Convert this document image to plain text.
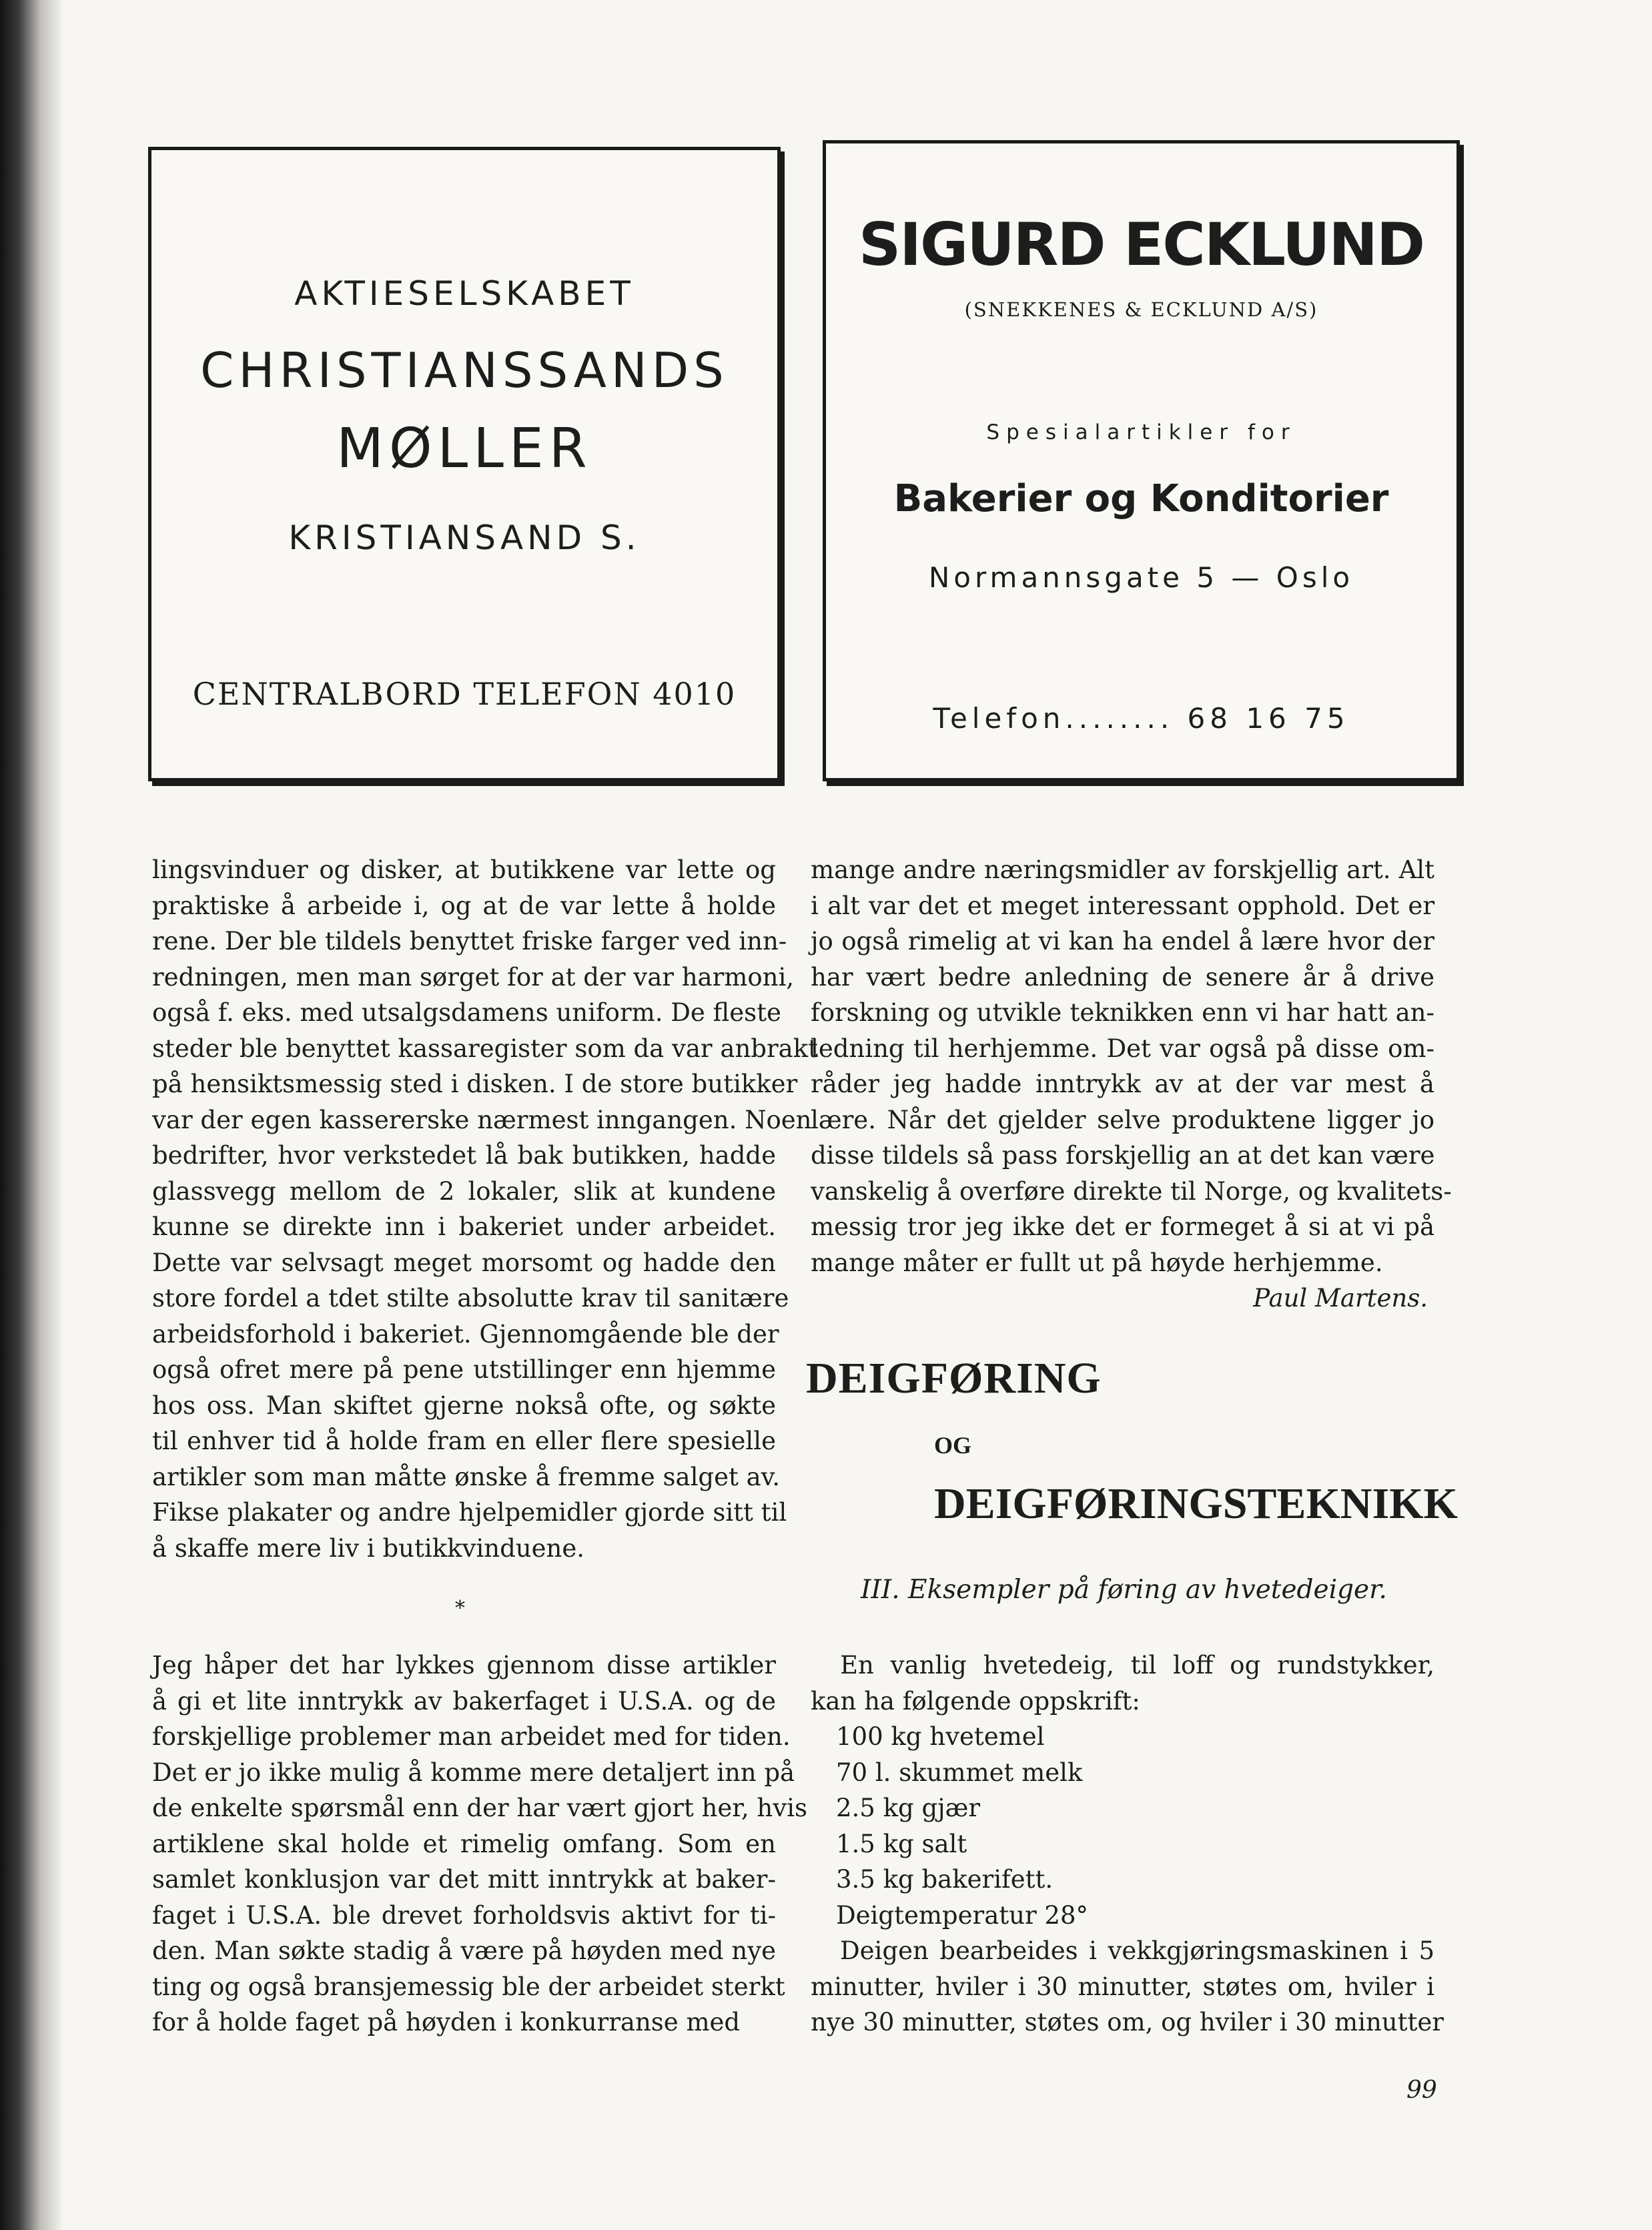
AKTIESELSKABET
CHRISTIANSSANDS
MØLLER
KRISTIANSAND S.
CENTRALBORD TELEFON 4010
SIGURD ECKLUND
(SNEKKENES & ECKLUND A/S)
Spesialartikler for
Bakerier og Konditorier
Normannsgate 5 — Oslo
Telefon........ 68 16 75

lingsvinduer og disker, at butikkene var lette og

praktiske å arbeide i, og at de var lette å holde

rene. Der ble tildels benyttet friske farger ved inn-

redningen, men man sørget for at der var harmoni,

også f. eks. med utsalgsdamens uniform. De fleste

steder ble benyttet kassaregister som da var anbrakt

på hensiktsmessig sted i disken. I de store butikker

var der egen kassererske nærmest inngangen. Noen

bedrifter, hvor verkstedet lå bak butikken, hadde

glassvegg mellom de 2 lokaler, slik at kundene

kunne se direkte inn i bakeriet under arbeidet.

Dette var selvsagt meget morsomt og hadde den

store fordel a tdet stilte absolutte krav til sanitære

arbeidsforhold i bakeriet. Gjennomgående ble der

også ofret mere på pene utstillinger enn hjemme

hos oss. Man skiftet gjerne nokså ofte, og søkte

til enhver tid å holde fram en eller flere spesielle

artikler som man måtte ønske å fremme salget av.

Fikse plakater og andre hjelpemidler gjorde sitt til

å skaffe mere liv i butikkvinduene.

*

Jeg håper det har lykkes gjennom disse artikler

å gi et lite inntrykk av bakerfaget i U.S.A. og de

forskjellige problemer man arbeidet med for tiden.

Det er jo ikke mulig å komme mere detaljert inn på

de enkelte spørsmål enn der har vært gjort her, hvis

artiklene skal holde et rimelig omfang. Som en

samlet konklusjon var det mitt inntrykk at baker-

faget i U.S.A. ble drevet forholdsvis aktivt for ti-

den. Man søkte stadig å være på høyden med nye

ting og også bransjemessig ble der arbeidet sterkt

for å holde faget på høyden i konkurranse med

mange andre næringsmidler av forskjellig art. Alt

i alt var det et meget interessant opphold. Det er

jo også rimelig at vi kan ha endel å lære hvor der

har vært bedre anledning de senere år å drive

forskning og utvikle teknikken enn vi har hatt an-

ledning til herhjemme. Det var også på disse om-

råder jeg hadde inntrykk av at der var mest å

lære. Når det gjelder selve produktene ligger jo

disse tildels så pass forskjellig an at det kan være

vanskelig å overføre direkte til Norge, og kvalitets-

messig tror jeg ikke det er formeget å si at vi på

mange måter er fullt ut på høyde herhjemme.

Paul Martens.

DEIGFØRING
OG
DEIGFØRINGSTEKNIKK
III. Eksempler på føring av hvetedeiger.

En vanlig hvetedeig, til loff og rundstykker,

kan ha følgende oppskrift:

100 kg hvetemel

70 l. skummet melk

2.5 kg gjær

1.5 kg salt

3.5 kg bakerifett.

Deigtemperatur 28°

Deigen bearbeides i vekkgjøringsmaskinen i 5

minutter, hviler i 30 minutter, støtes om, hviler i

nye 30 minutter, støtes om, og hviler i 30 minutter

99
